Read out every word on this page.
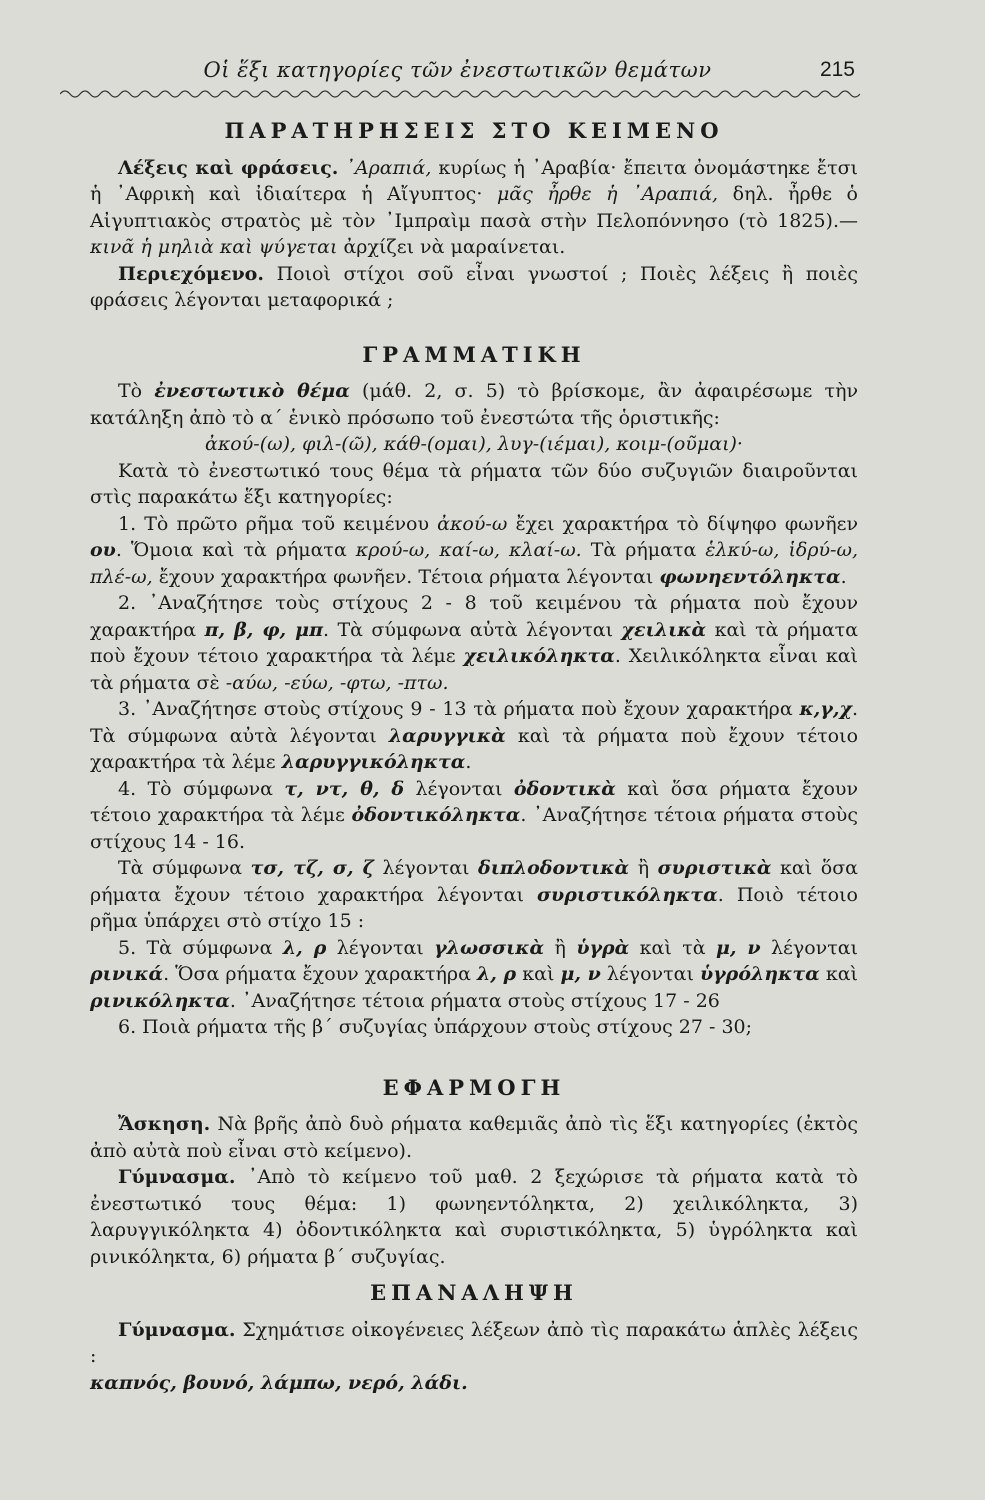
Οἱ ἕξι κατηγορίες τῶν ἐνεστωτικῶν θεμάτων	215
ΠΑΡΑΤΗΡΗΣΕΙΣ ΣΤΟ ΚΕΙΜΕΝΟ

Λέξεις καὶ φράσεις. ᾿Αραπιά, κυρίως ἡ ᾿Αραβία· ἔπειτα ὀνομάστηκε ἔτσι ἡ ᾿Αφρικὴ καὶ ἰδιαίτερα ἡ Αἴγυπτος· μᾶς ἦρθε ἡ ᾿Αραπιά, δηλ. ἦρθε ὁ Αἰγυπτιακὸς στρατὸς μὲ τὸν ᾿Ιμπραὶμ πασὰ στὴν Πελοπόννησο (τὸ 1825).— κινᾶ ἡ μηλιὰ καὶ ψύγεται ἀρχίζει νὰ μαραίνεται.

Περιεχόμενο. Ποιοὶ στίχοι σοῦ εἶναι γνωστοί ; Ποιὲς λέξεις ἢ ποιὲς φράσεις λέγονται μεταφορικά ;

ΓΡΑΜΜΑΤΙΚΗ

Τὸ ἐνεστωτικὸ θέμα (μάθ. 2, σ. 5) τὸ βρίσκομε, ἂν ἀφαιρέσωμε τὴν κατάληξη ἀπὸ τὸ α΄ ἑνικὸ πρόσωπο τοῦ ἐνεστώτα τῆς ὁριστικῆς:

ἀκού-(ω), φιλ-(ῶ), κάθ-(ομαι), λυγ-(ιέμαι), κοιμ-(οῦμαι)·

Κατὰ τὸ ἐνεστωτικό τους θέμα τὰ ρήματα τῶν δύο συζυγιῶν διαιροῦνται στὶς παρακάτω ἕξι κατηγορίες:

1. Τὸ πρῶτο ρῆμα τοῦ κειμένου ἀκού-ω ἔχει χαρακτήρα τὸ δίψηφο φωνῆεν ου. Ὅμοια καὶ τὰ ρήματα κρού-ω, καί-ω, κλαί-ω. Τὰ ρήματα ἑλκύ-ω, ἱδρύ-ω, πλέ-ω, ἔχουν χαρακτήρα φωνῆεν. Τέτοια ρήματα λέγονται φωνηεντόληκτα.

2. ᾿Αναζήτησε τοὺς στίχους 2 - 8 τοῦ κειμένου τὰ ρήματα ποὺ ἔχουν χαρακτήρα π, β, φ, μπ. Τὰ σύμφωνα αὐτὰ λέγονται χειλικὰ καὶ τὰ ρήματα ποὺ ἔχουν τέτοιο χαρακτήρα τὰ λέμε χειλικόληκτα. Χειλικόληκτα εἶναι καὶ τὰ ρήματα σὲ -αύω, -εύω, -φτω, -πτω.

3. ᾿Αναζήτησε στοὺς στίχους 9 - 13 τὰ ρήματα ποὺ ἔχουν χαρακτήρα κ,γ,χ. Τὰ σύμφωνα αὐτὰ λέγονται λαρυγγικὰ καὶ τὰ ρήματα ποὺ ἔχουν τέτοιο χαρακτήρα τὰ λέμε λαρυγγικόληκτα.

4. Τὸ σύμφωνα τ, ντ, θ, δ λέγονται ὀδοντικὰ καὶ ὅσα ρήματα ἔχουν τέτοιο χαρακτήρα τὰ λέμε ὀδοντικόληκτα. ᾿Αναζήτησε τέτοια ρήματα στοὺς στίχους 14 - 16.

Τὰ σύμφωνα τσ, τζ, σ, ζ λέγονται διπλοδοντικὰ ἢ συριστικὰ καὶ ὅσα ρήματα ἔχουν τέτοιο χαρακτήρα λέγονται συριστικόληκτα. Ποιὸ τέτοιο ρῆμα ὑπάρχει στὸ στίχο 15 :

5. Τὰ σύμφωνα λ, ρ λέγονται γλωσσικὰ ἢ ὑγρὰ καὶ τὰ μ, ν λέγονται ρινικά. Ὅσα ρήματα ἔχουν χαρακτήρα λ, ρ καὶ μ, ν λέγονται ὑγρόληκτα καὶ ρινικόληκτα. ᾿Αναζήτησε τέτοια ρήματα στοὺς στίχους 17 - 26

6. Ποιὰ ρήματα τῆς β΄ συζυγίας ὑπάρχουν στοὺς στίχους 27 - 30;

ΕΦΑΡΜΟΓΗ

Ἄσκηση. Νὰ βρῆς ἀπὸ δυὸ ρήματα καθεμιᾶς ἀπὸ τὶς ἕξι κατηγορίες (ἐκτὸς ἀπὸ αὐτὰ ποὺ εἶναι στὸ κείμενο).

Γύμνασμα. ᾿Απὸ τὸ κείμενο τοῦ μαθ. 2 ξεχώρισε τὰ ρήματα κατὰ τὸ ἐνεστωτικό τους θέμα: 1) φωνηεντόληκτα, 2) χειλικόληκτα, 3) λαρυγγικόληκτα 4) ὀδοντικόληκτα καὶ συριστικόληκτα, 5) ὑγρόληκτα καὶ ρινικόληκτα, 6) ρήματα β΄ συζυγίας.

ΕΠΑΝΑΛΗΨΗ

Γύμνασμα. Σχημάτισε οἰκογένειες λέξεων ἀπὸ τὶς παρακάτω ἁπλὲς λέξεις :

καπνός, βουνό, λάμπω, νερό, λάδι.
